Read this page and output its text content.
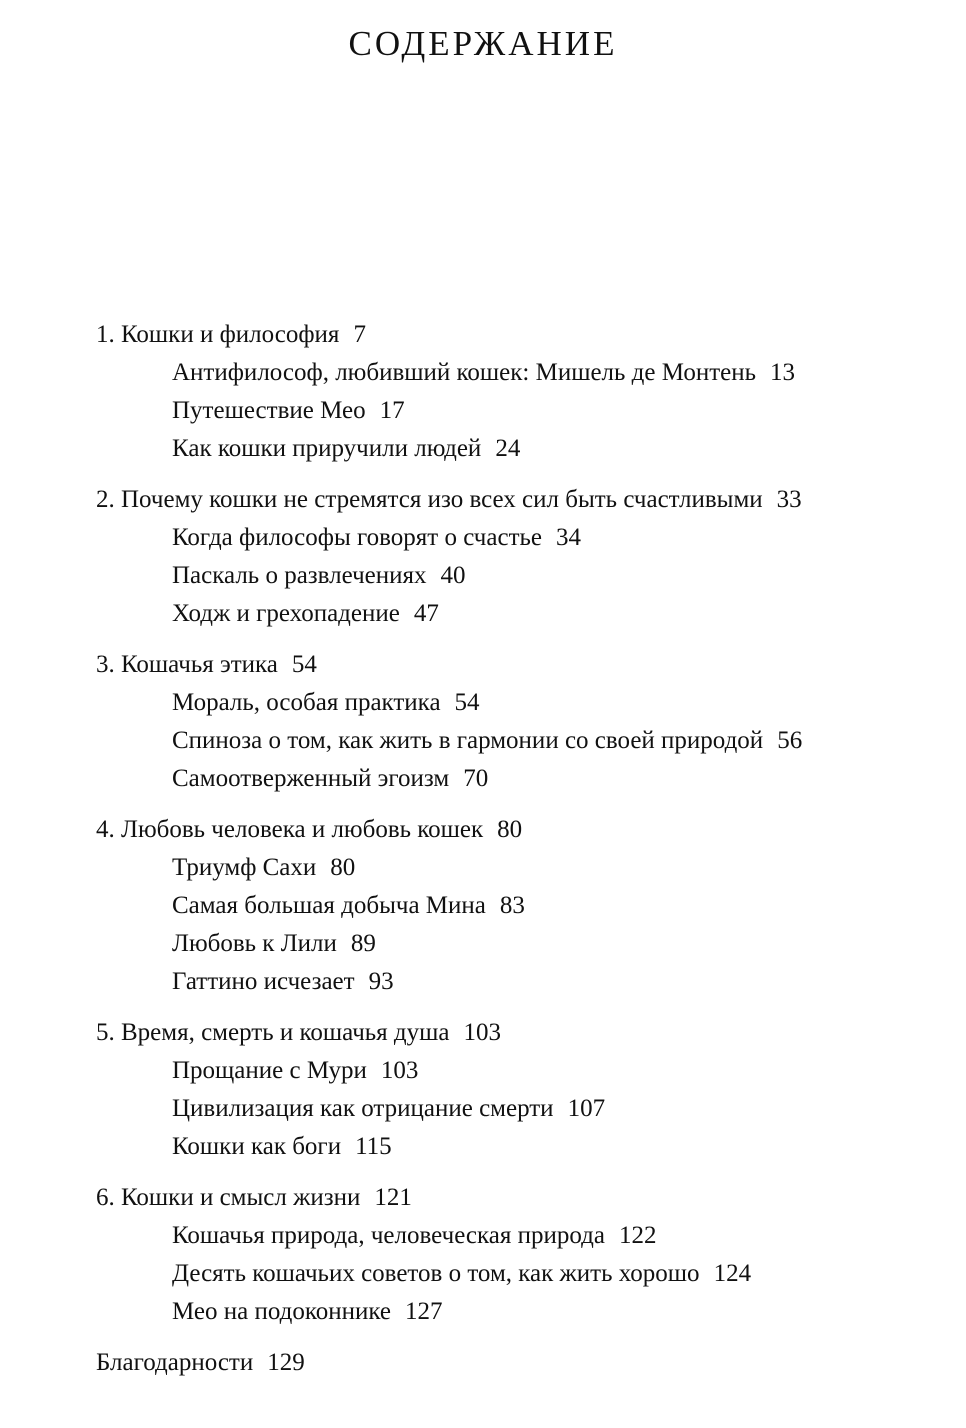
СОДЕРЖАНИЕ
1. Кошки и философия 7
Антифилософ, любивший кошек: Мишель де Монтень 13
Путешествие Мео 17
Как кошки приручили людей 24
2. Почему кошки не стремятся изо всех сил быть счастливыми 33
Когда философы говорят о счастье 34
Паскаль о развлечениях 40
Ходж и грехопадение 47
3. Кошачья этика 54
Мораль, особая практика 54
Спиноза о том, как жить в гармонии со своей природой 56
Самоотверженный эгоизм 70
4. Любовь человека и любовь кошек 80
Триумф Сахи 80
Самая большая добыча Мина 83
Любовь к Лили 89
Гаттино исчезает 93
5. Время, смерть и кошачья душа 103
Прощание с Мури 103
Цивилизация как отрицание смерти 107
Кошки как боги 115
6. Кошки и смысл жизни 121
Кошачья природа, человеческая природа 122
Десять кошачьих советов о том, как жить хорошо 124
Мео на подоконнике 127
Благодарности 129
